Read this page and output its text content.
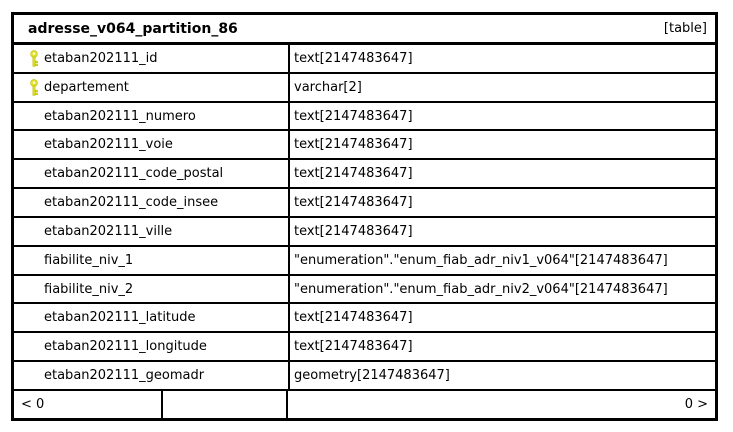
adresse_v064_partition_86	[table]
etaban202111_id	text[2147483647]
departement	varchar[2]
etaban202111_numero	text[2147483647]
etaban202111_voie	text[2147483647]
etaban202111_code_postal	text[2147483647]
etaban202111_code_insee	text[2147483647]
etaban202111_ville	text[2147483647]
fiabilite_niv_1	"enumeration"."enum_fiab_adr_niv1_v064"[2147483647]
fiabilite_niv_2	"enumeration"."enum_fiab_adr_niv2_v064"[2147483647]
etaban202111_latitude	text[2147483647]
etaban202111_longitude	text[2147483647]
etaban202111_geomadr	geometry[2147483647]
< 0	0 >
